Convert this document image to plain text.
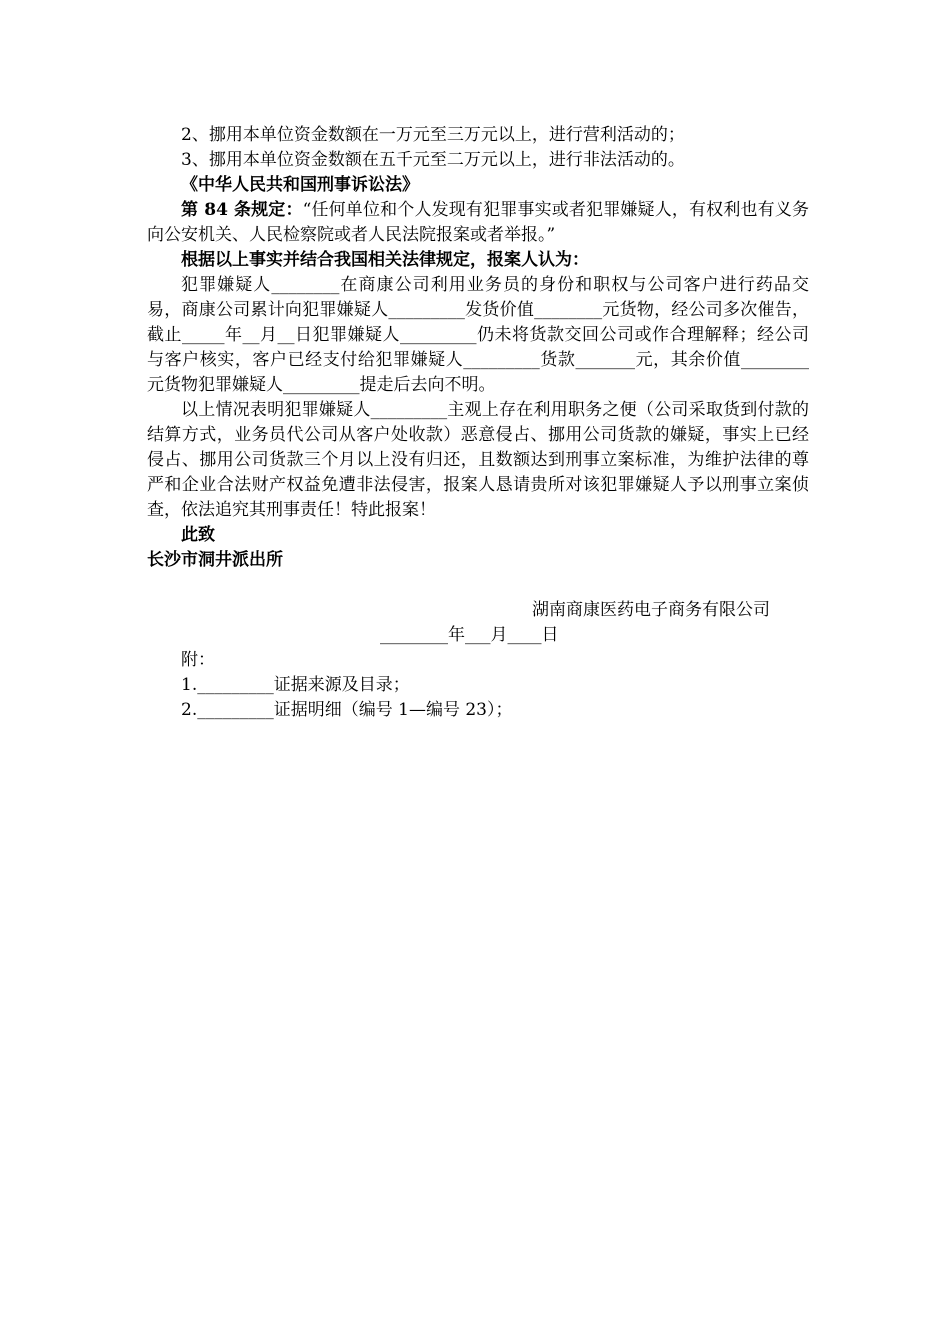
2、挪用本单位资金数额在一万元至三万元以上，进行营利活动的；

3、挪用本单位资金数额在五千元至二万元以上，进行非法活动的。

《中华人民共和国刑事诉讼法》

第 84 条规定：“任何单位和个人发现有犯罪事实或者犯罪嫌疑人，有权利也有义务向公安机关、人民检察院或者人民法院报案或者举报。”

根据以上事实并结合我国相关法律规定，报案人认为：

犯罪嫌疑人________在商康公司利用业务员的身份和职权与公司客户进行药品交易，商康公司累计向犯罪嫌疑人_________发货价值________元货物，经公司多次催告，截止_____年__月__日犯罪嫌疑人_________仍未将货款交回公司或作合理解释；经公司与客户核实，客户已经支付给犯罪嫌疑人_________货款_______元，其余价值________元货物犯罪嫌疑人_________提走后去向不明。

以上情况表明犯罪嫌疑人_________主观上存在利用职务之便（公司采取货到付款的结算方式，业务员代公司从客户处收款）恶意侵占、挪用公司货款的嫌疑，事实上已经侵占、挪用公司货款三个月以上没有归还，且数额达到刑事立案标准，为维护法律的尊严和企业合法财产权益免遭非法侵害，报案人恳请贵所对该犯罪嫌疑人予以刑事立案侦查，依法追究其刑事责任！特此报案！

此致

长沙市洞井派出所

湖南商康医药电子商务有限公司
________年___月____日
附：
1._________证据来源及目录；
2._________证据明细（编号 1—编号 23）；
